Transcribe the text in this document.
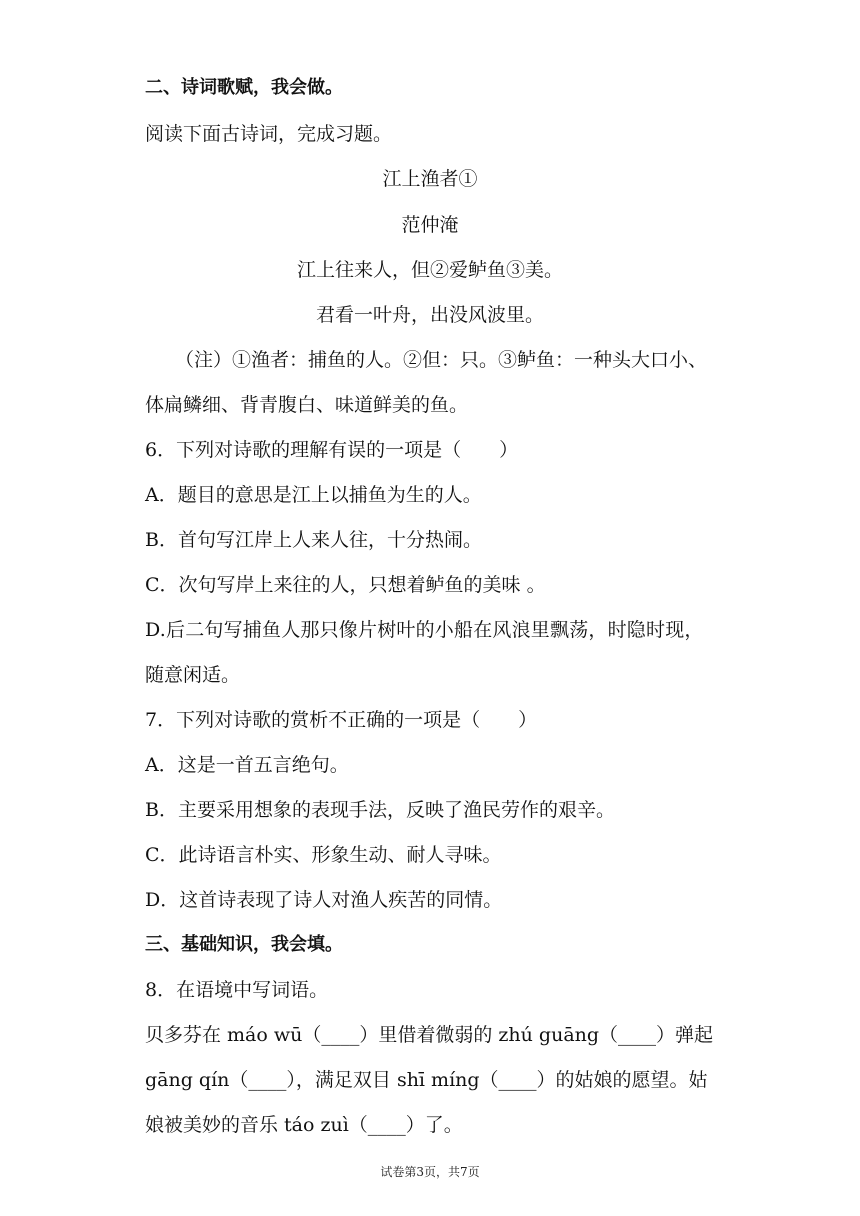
二、诗词歌赋，我会做。
阅读下面古诗词，完成习题。
江上渔者①
范仲淹
江上往来人，但②爱鲈鱼③美。
君看一叶舟，出没风波里。
（注）①渔者：捕鱼的人。②但：只。③鲈鱼：一种头大口小、
体扁鳞细、背青腹白、味道鲜美的鱼。
6．下列对诗歌的理解有误的一项是（　　）
A．题目的意思是江上以捕鱼为生的人。
B．首句写江岸上人来人往，十分热闹。
C．次句写岸上来往的人，只想着鲈鱼的美味 。
D.后二句写捕鱼人那只像片树叶的小船在风浪里飘荡，时隐时现，
随意闲适。
7．下列对诗歌的赏析不正确的一项是（　　）
A．这是一首五言绝句。
B．主要采用想象的表现手法，反映了渔民劳作的艰辛。
C．此诗语言朴实、形象生动、耐人寻味。
D．这首诗表现了诗人对渔人疾苦的同情。
三、基础知识，我会填。
8．在语境中写词语。
贝多芬在 máo wū（____）里借着微弱的 zhú guāng（____）弹起
gāng qín（____），满足双目 shī míng（____）的姑娘的愿望。姑
娘被美妙的音乐 táo zuì（____）了。
试卷第3页，共7页
